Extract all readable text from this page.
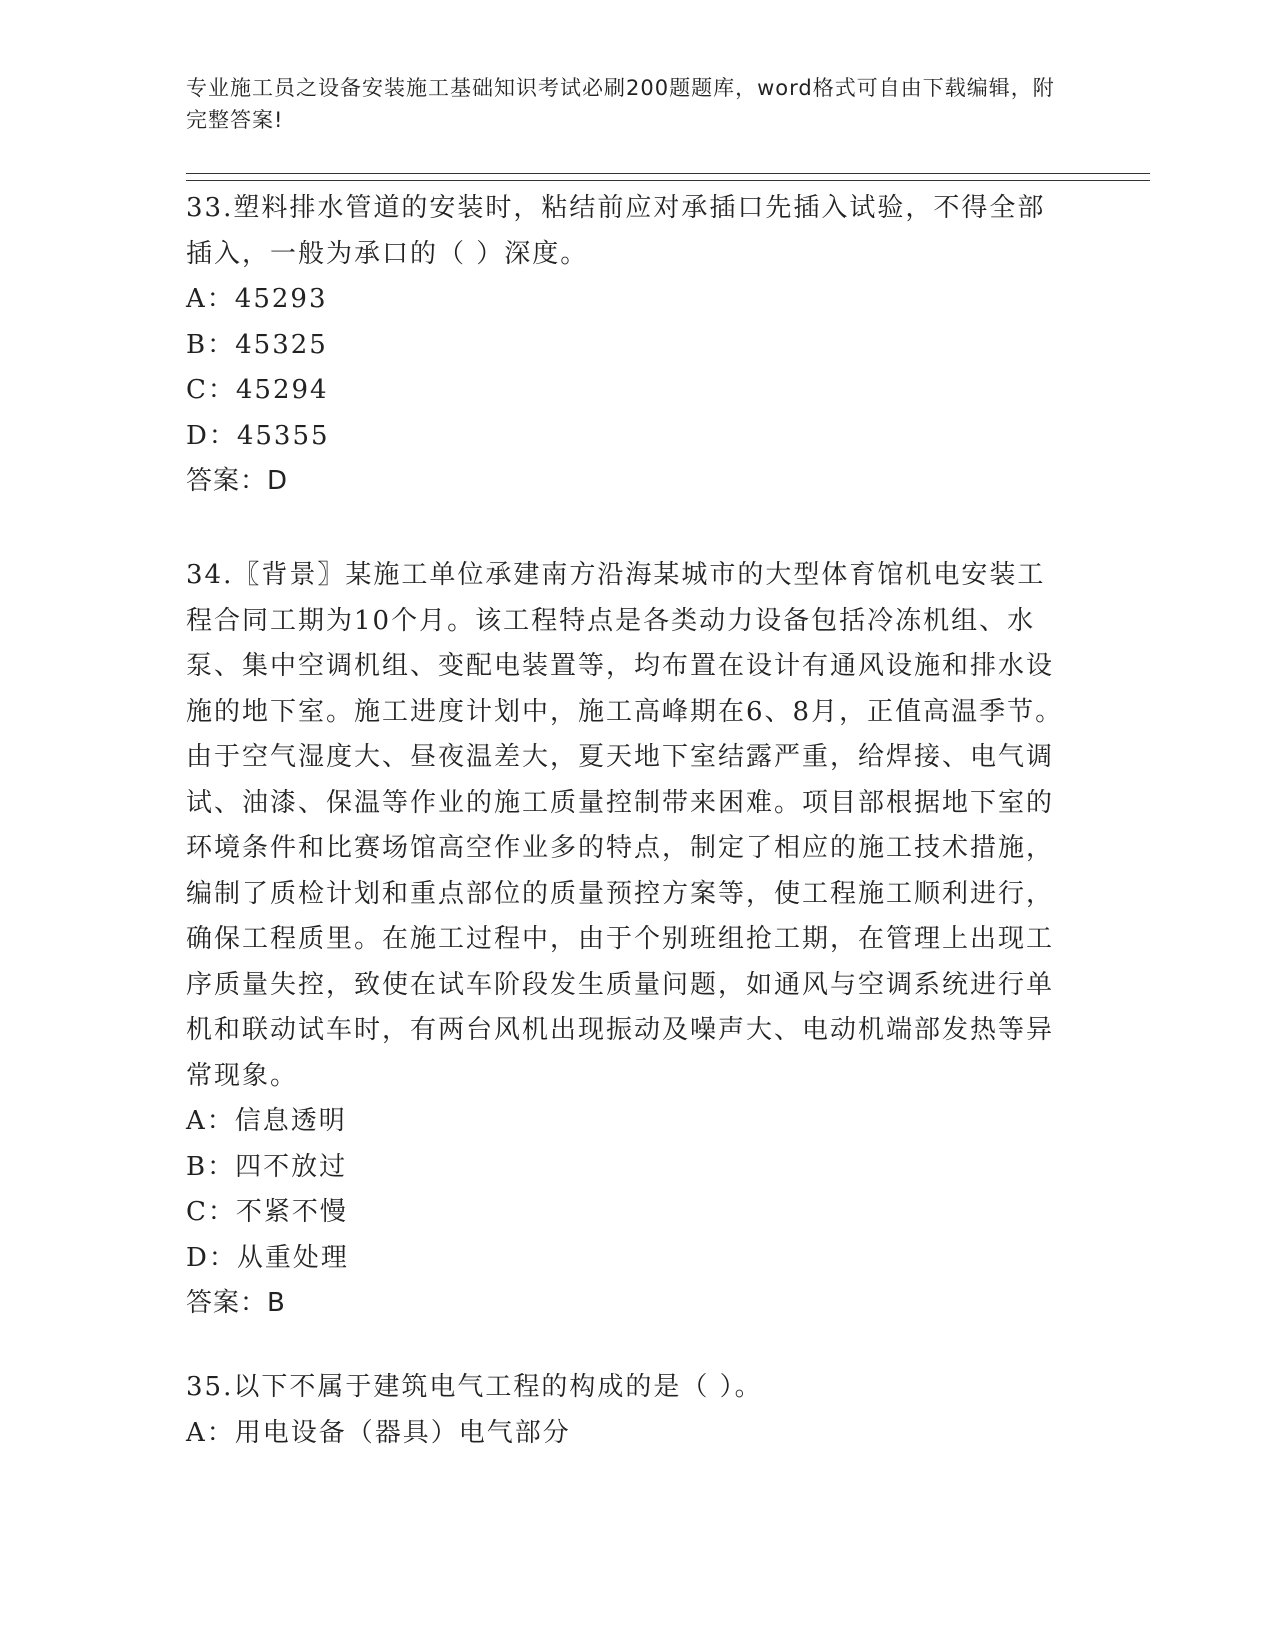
专业施工员之设备安装施工基础知识考试必刷200题题库，word格式可自由下载编辑，附完整答案!

33.塑料排水管道的安装时，粘结前应对承插口先插入试验，不得全部插入，一般为承口的（ ）深度。

A：45293

B：45325

C：45294

D：45355

答案：D

34.〖背景〗某施工单位承建南方沿海某城市的大型体育馆机电安装工程合同工期为10个月。该工程特点是各类动力设备包括冷冻机组、水泵、集中空调机组、变配电装置等，均布置在设计有通风设施和排水设施的地下室。施工进度计划中，施工高峰期在6、8月，正值高温季节。由于空气湿度大、昼夜温差大，夏天地下室结露严重，给焊接、电气调试、油漆、保温等作业的施工质量控制带来困难。项目部根据地下室的环境条件和比赛场馆高空作业多的特点，制定了相应的施工技术措施，编制了质检计划和重点部位的质量预控方案等，使工程施工顺利进行，确保工程质里。在施工过程中，由于个别班组抢工期，在管理上出现工序质量失控，致使在试车阶段发生质量问题，如通风与空调系统进行单机和联动试车时，有两台风机出现振动及噪声大、电动机端部发热等异常现象。

A：信息透明

B：四不放过

C：不紧不慢

D：从重处理

答案：B

35.以下不属于建筑电气工程的构成的是（ ）。

A：用电设备（器具）电气部分
